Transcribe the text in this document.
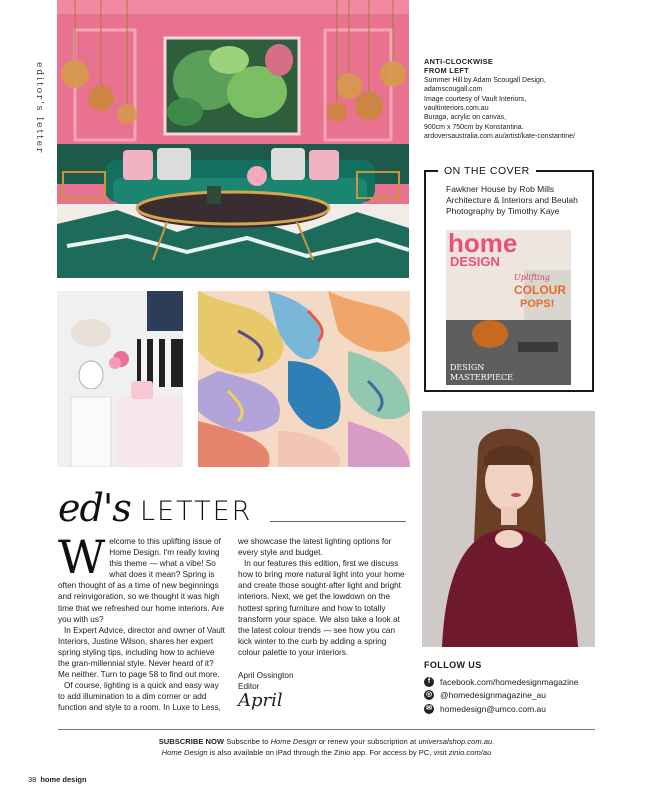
editor's letter
ANTI-CLOCKWISE
FROM LEFT
Summer Hill by Adam Scougall Design,
adamscougall.com
Image courtesy of Vault Interiors,
vaultinteriors.com.au
Buraga, acrylic on canvas,
900cm x 750cm by Konstantina.
ardoversaustralia.com.au/artist/kate-constantine/
ON THE COVER
Fawkner House by Rob Mills Architecture & Interiors and Beulah Photography by Timothy Kaye
home
DESIGN
Uplifting
COLOUR
POPS!
DESIGN
MASTERPIECE
ed's LETTER
W elcome to this uplifting issue of Home Design. I'm really loving this theme — what a vibe! So what does it mean? Spring is often thought of as a time of new beginnings and reinvigoration, so we thought it was high time that we refreshed our home interiors. Are you with us?

In Expert Advice, director and owner of Vault Interiors, Justine Wilson, shares her expert spring styling tips, including how to achieve the gran-millennial style. Never heard of it? Me neither. Turn to page 58 to find out more.

Of course, lighting is a quick and easy way to add illumination to a dim corner or add function and style to a room. In Luxe to Less,

we showcase the latest lighting options for every style and budget.

In our features this edition, first we discuss how to bring more natural light into your home and create those sought-after light and bright interiors. Next, we get the lowdown on the hottest spring furniture and how to totally transform your space. We also take a look at the latest colour trends — see how you can kick winter to the curb by adding a spring colour palette to your interiors.

April Ossington
Editor
April
FOLLOW US
f	facebook.com/homedesignmagazine
◎ @homedesignmagazine_au
✉ homedesign@umco.com.au
SUBSCRIBE NOW Subscribe to Home Design or renew your subscription at universalshop.com.au.
Home Design is also available on iPad through the Zinio app. For access by PC, visit zinio.com/au
38 home design
